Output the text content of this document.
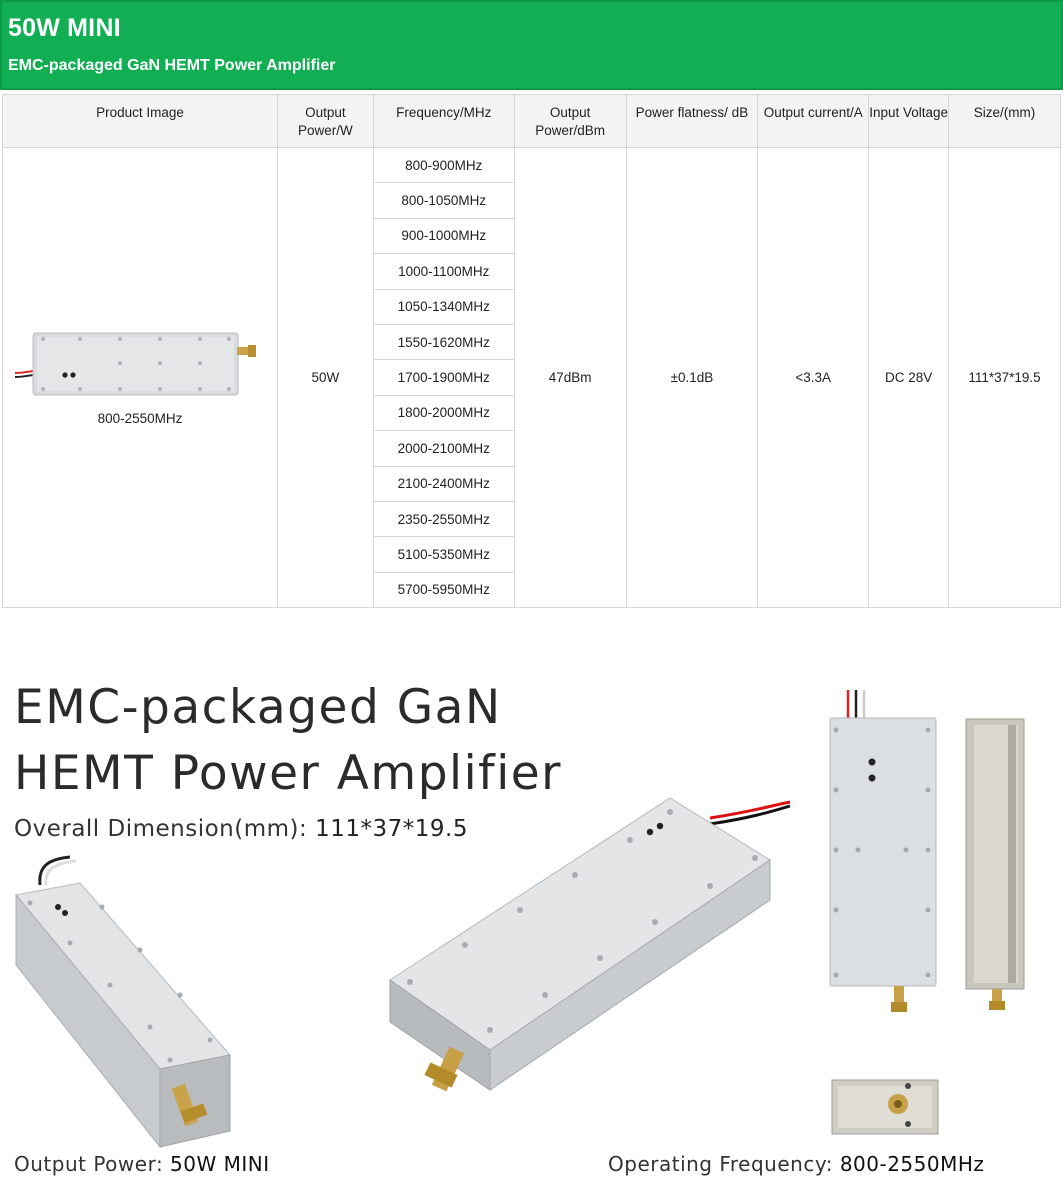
50W MINI
EMC-packaged GaN HEMT Power Amplifier
Product Image	Output Power/W	Frequency/MHz	Output Power/dBm	Power flatness/ dB	Output current/A	Input Voltage	Size/(mm)

800-2550MHz	50W	800-900MHz	47dBm	±0.1dB	<3.3A	DC 28V	111*37*19.5
		800-1050MHz					
		900-1000MHz					
		1000-1100MHz					
		1050-1340MHz					
		1550-1620MHz					
		1700-1900MHz					
		1800-2000MHz					
		2000-2100MHz					
		2100-2400MHz					
		2350-2550MHz					
		5100-5350MHz					
		5700-5950MHz					
EMC-packaged GaN
HEMT Power Amplifier
Overall Dimension(mm): 111*37*19.5
Output Power: 50W MINI	Operating Frequency: 800-2550MHz
